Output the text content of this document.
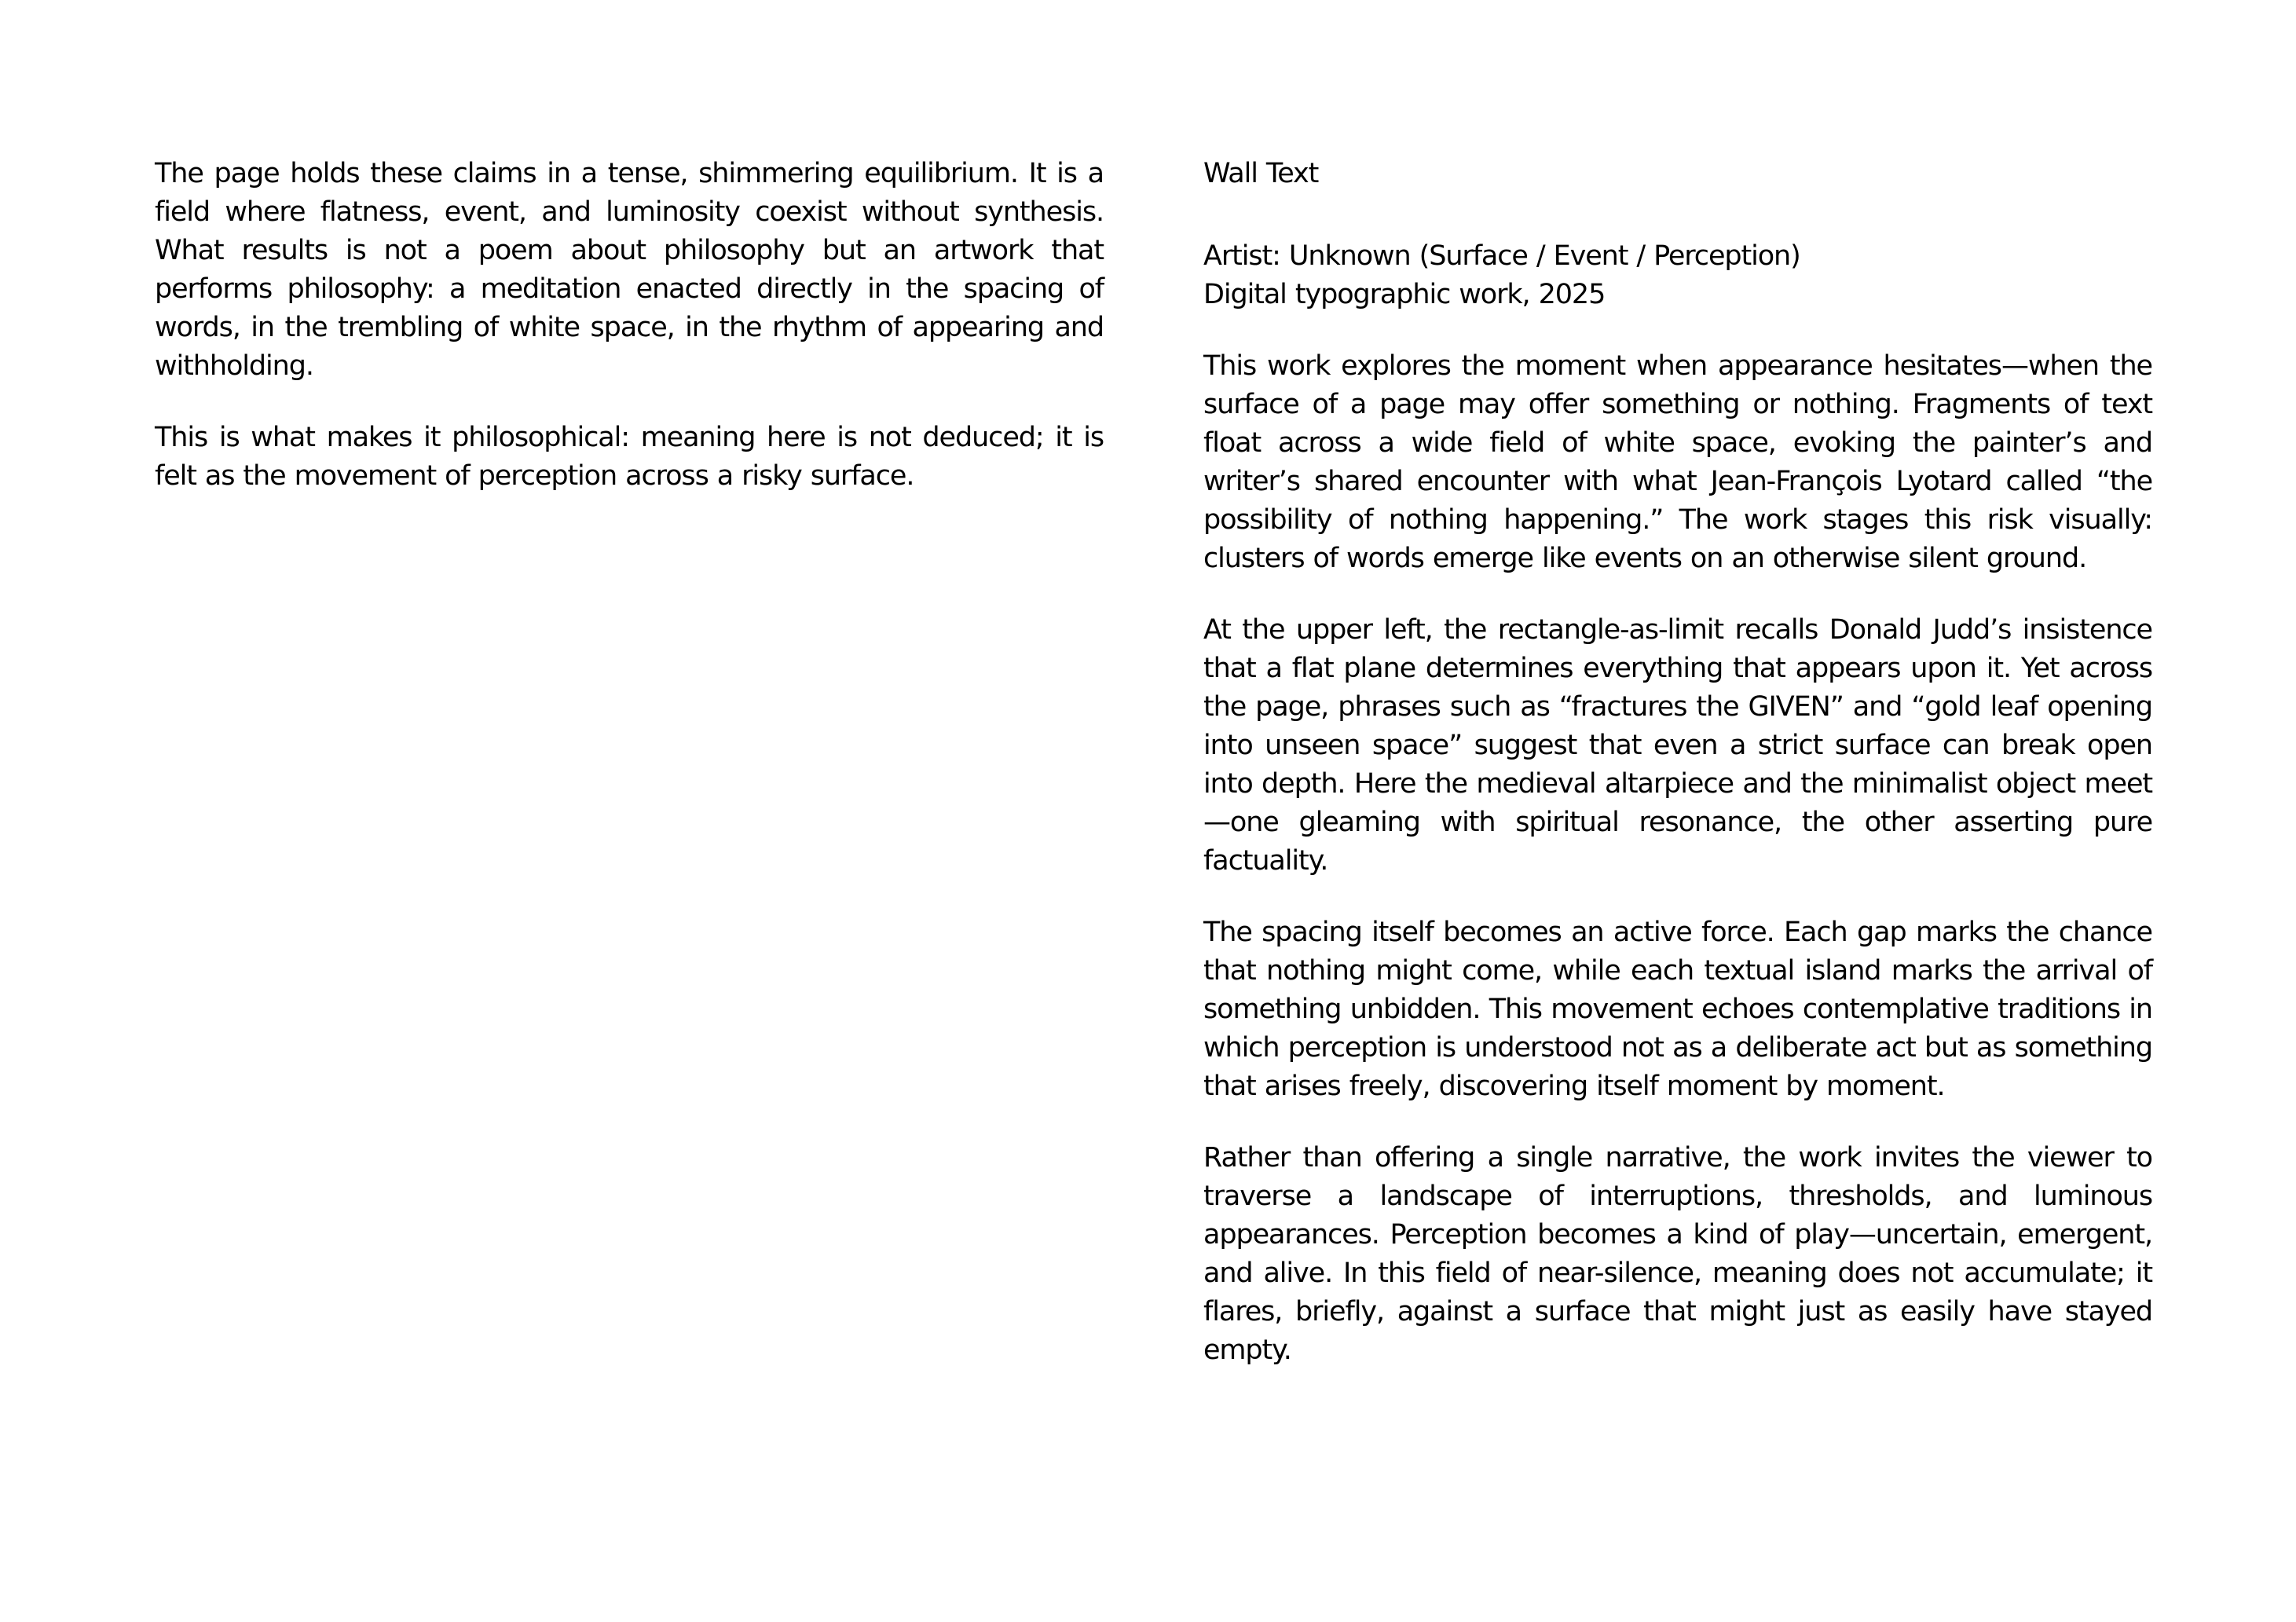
The page holds these claims in a tense, shimmering equilibrium. It is a field where flatness, event, and luminosity coexist without synthesis. What results is not a poem about philosophy but an artwork that performs philosophy: a meditation enacted directly in the spacing of words, in the trembling of white space, in the rhythm of appearing and withholding.

This is what makes it philosophical: meaning here is not deduced; it is felt as the movement of perception across a risky surface.

Wall Text
Artist: Unknown (Surface / Event / Perception)
Digital typographic work, 2025

This work explores the moment when appearance hesitates—when the surface of a page may offer something or nothing. Fragments of text float across a wide field of white space, evoking the painter’s and writer’s shared encounter with what Jean-François Lyotard called “the possibility of nothing happening.” The work stages this risk visually: clusters of words emerge like events on an otherwise silent ground.

At the upper left, the rectangle-as-limit recalls Donald Judd’s insistence that a flat plane determines everything that appears upon it. Yet across the page, phrases such as “fractures the GIVEN” and “gold leaf opening into unseen space” suggest that even a strict surface can break open into depth. Here the medieval altarpiece and the minimalist object meet—one gleaming with spiritual resonance, the other asserting pure factuality.

The spacing itself becomes an active force. Each gap marks the chance that nothing might come, while each textual island marks the arrival of something unbidden. This movement echoes contemplative traditions in which perception is understood not as a deliberate act but as something that arises freely, discovering itself moment by moment.

Rather than offering a single narrative, the work invites the viewer to traverse a landscape of interruptions, thresholds, and luminous appearances. Perception becomes a kind of play—uncertain, emergent, and alive. In this field of near-silence, meaning does not accumulate; it flares, briefly, against a surface that might just as easily have stayed empty.
